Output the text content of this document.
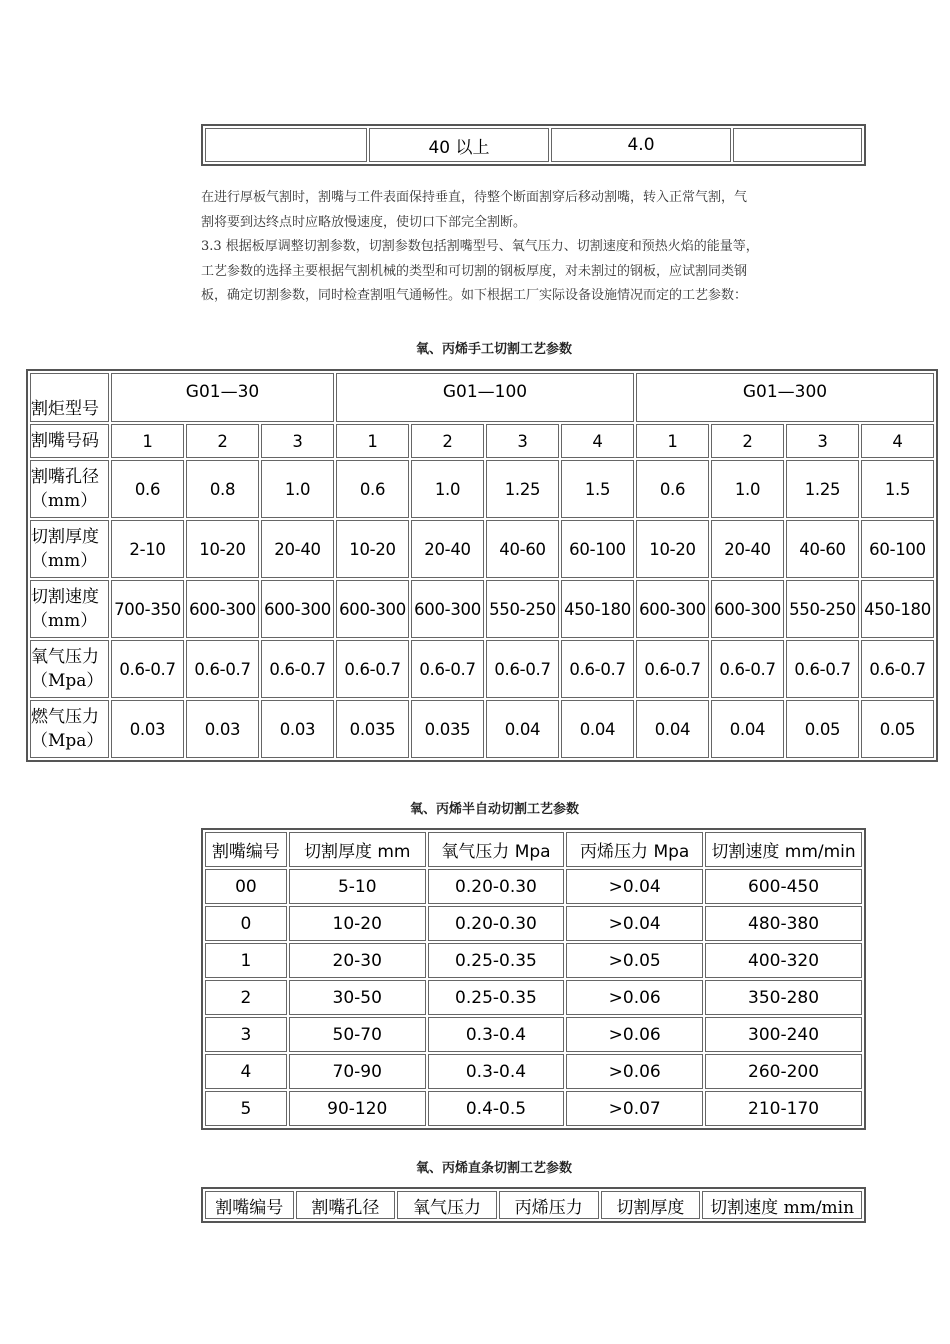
	40 以上	4.0	

在进行厚板气割时，割嘴与工件表面保持垂直，待整个断面割穿后移动割嘴，转入正常气割，气

割将要到达终点时应略放慢速度，使切口下部完全割断。

3.3 根据板厚调整切割参数，切割参数包括割嘴型号、氧气压力、切割速度和预热火焰的能量等，

工艺参数的选择主要根据气割机械的类型和可切割的钢板厚度，对未割过的钢板，应试割同类钢

板，确定切割参数，同时检查割咀气通畅性。如下根据工厂实际设备设施情况而定的工艺参数：

氧、丙烯手工切割工艺参数
割炬型号	G01—30			G01—100				G01—300			

割嘴号码	1	2	3	1	2	3	4	1	2	3	4

割嘴孔径
（mm）	0.6	0.8	1.0	0.6	1.0	1.25	1.5	0.6	1.0	1.25	1.5

切割厚度
（mm）	2-10	10-20	20-40	10-20	20-40	40-60	60-100	10-20	20-40	40-60	60-100

切割速度
（mm）	700-350	600-300	600-300	600-300	600-300	550-250	450-180	600-300	600-300	550-250	450-180

氧气压力
（Mpa）	0.6-0.7	0.6-0.7	0.6-0.7	0.6-0.7	0.6-0.7	0.6-0.7	0.6-0.7	0.6-0.7	0.6-0.7	0.6-0.7	0.6-0.7

燃气压力
（Mpa）	0.03	0.03	0.03	0.035	0.035	0.04	0.04	0.04	0.04	0.05	0.05
氧、丙烯半自动切割工艺参数
割嘴编号	切割厚度 mm	氧气压力 Mpa	丙烯压力 Mpa	切割速度 mm/min
00	5-10	0.20-0.30	>0.04	600-450
0	10-20	0.20-0.30	>0.04	480-380
1	20-30	0.25-0.35	>0.05	400-320
2	30-50	0.25-0.35	>0.06	350-280
3	50-70	0.3-0.4	>0.06	300-240
4	70-90	0.3-0.4	>0.06	260-200
5	90-120	0.4-0.5	>0.07	210-170
氧、丙烯直条切割工艺参数
割嘴编号	割嘴孔径	氧气压力	丙烯压力	切割厚度	切割速度 mm/min
